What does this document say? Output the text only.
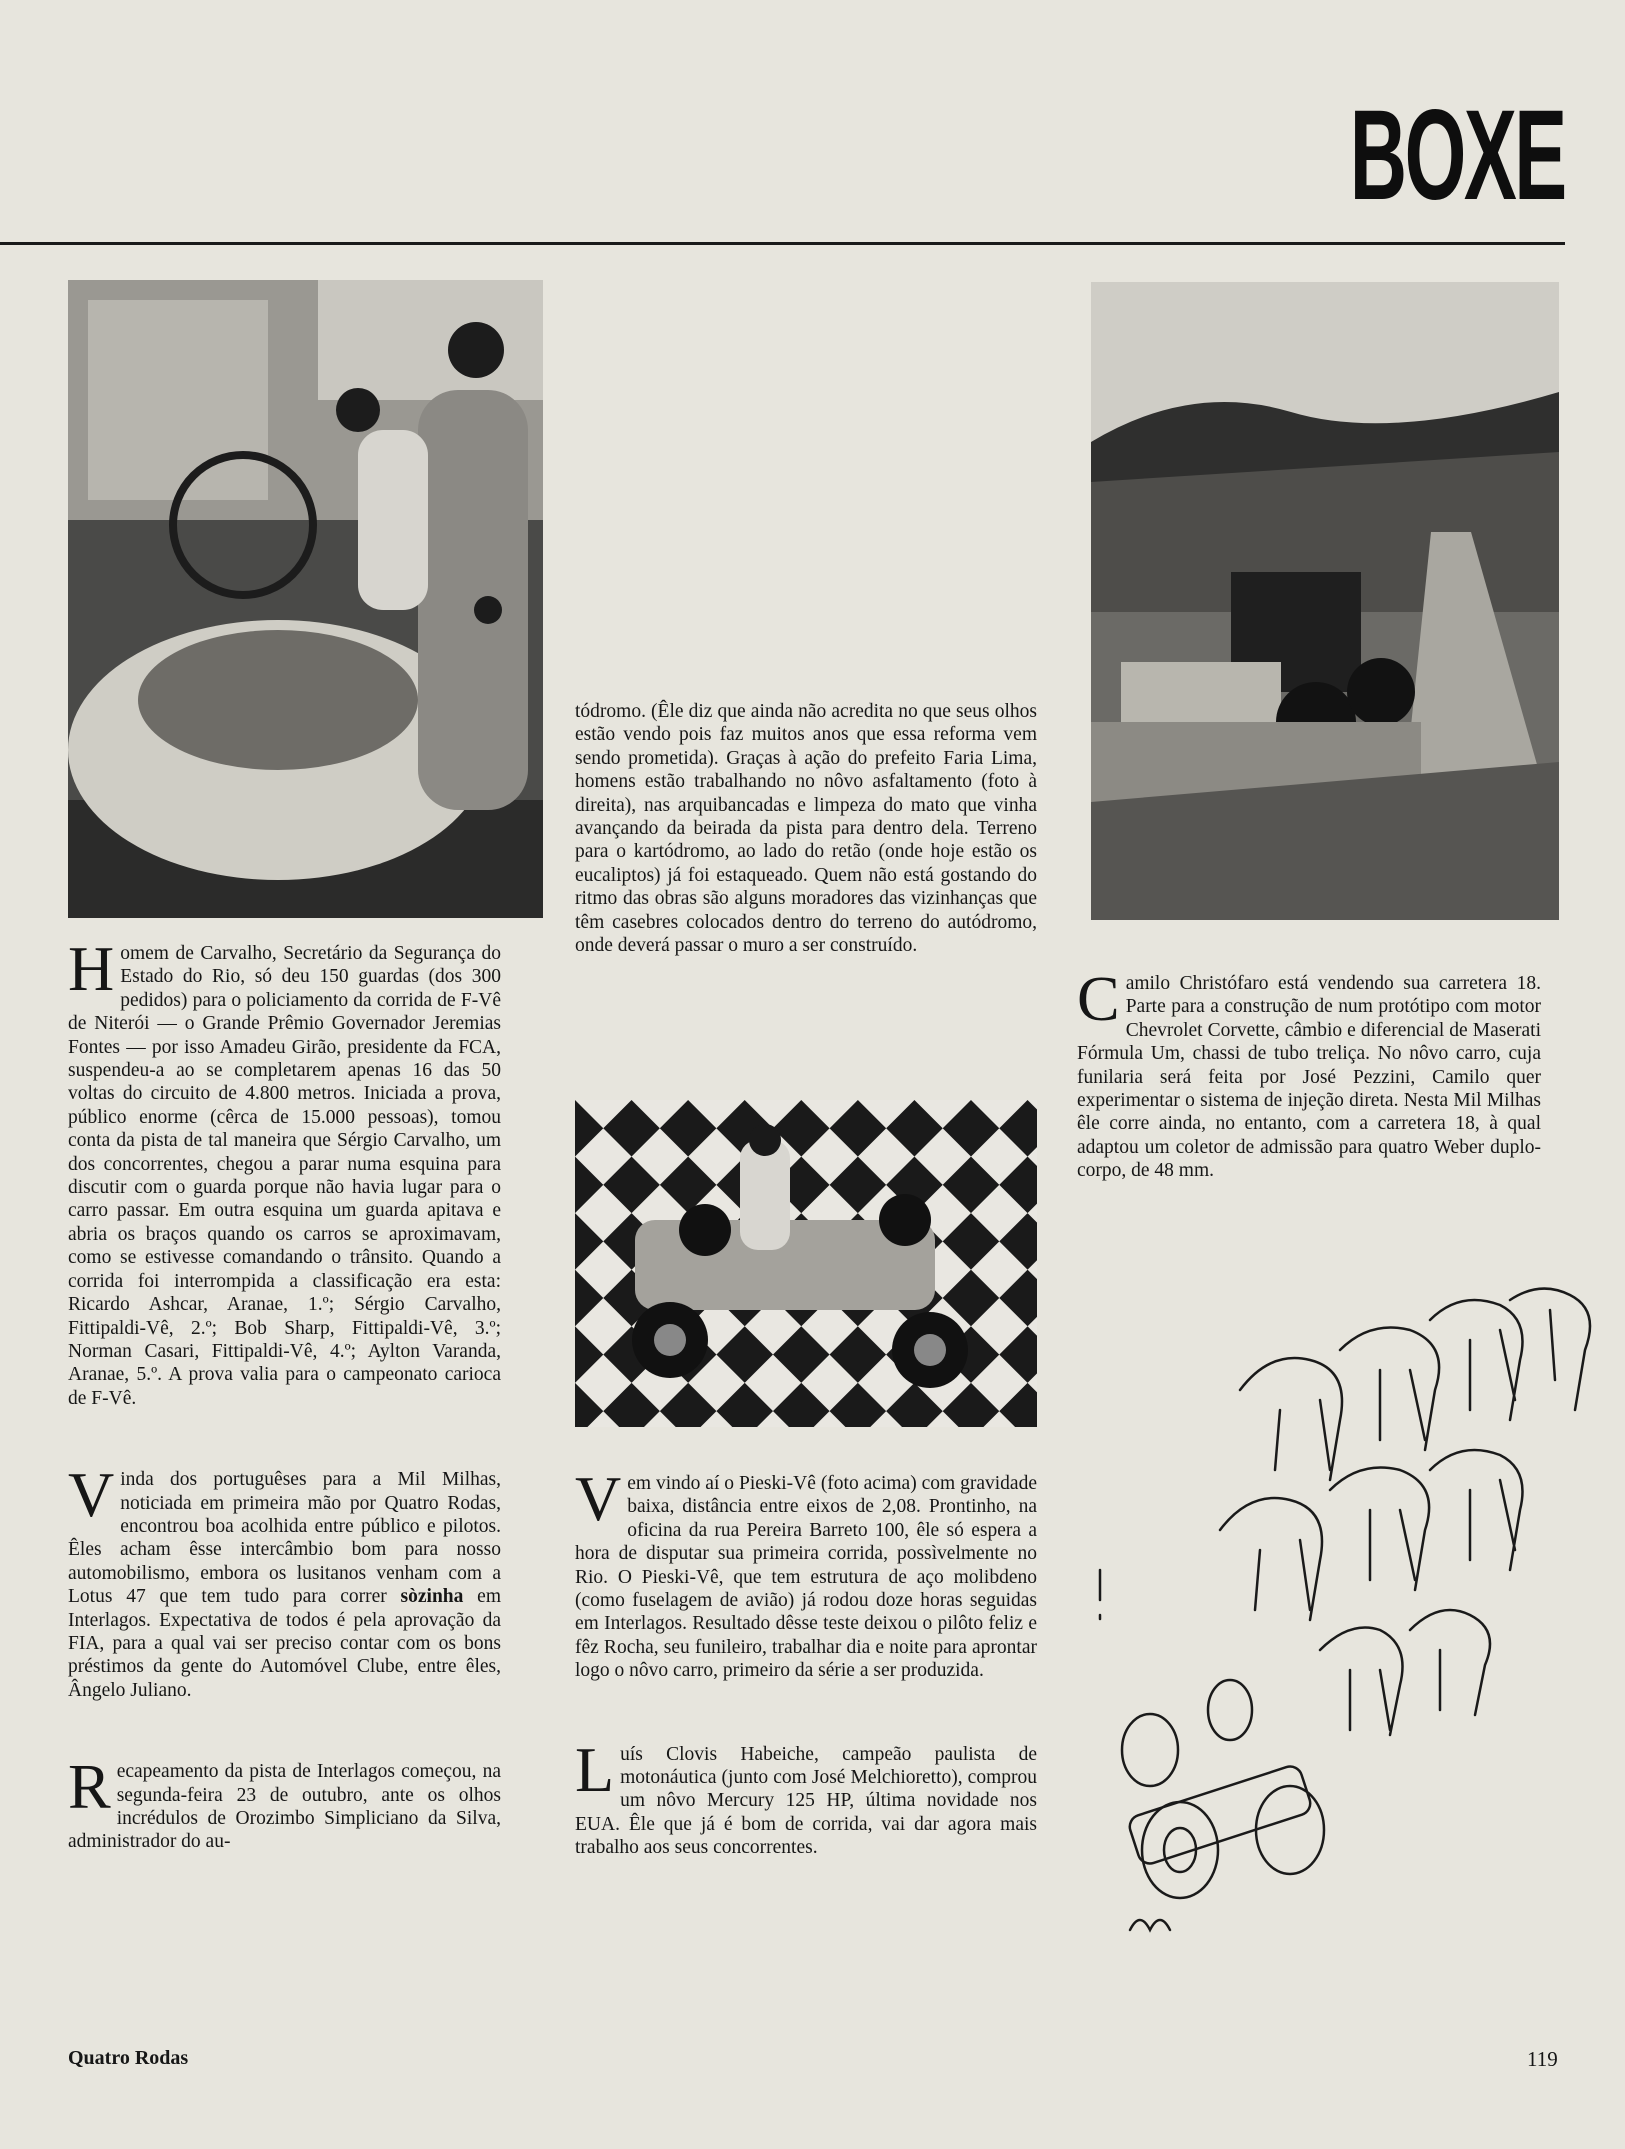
BOXE

Homem de Carvalho, Secretário da Segurança do Estado do Rio, só deu 150 guardas (dos 300 pedidos) para o policiamento da corrida de F-Vê de Niterói — o Grande Prêmio Governador Jeremias Fontes — por isso Amadeu Girão, presidente da FCA, suspendeu-a ao se completarem apenas 16 das 50 voltas do circuito de 4.800 metros. Iniciada a prova, público enorme (cêrca de 15.000 pessoas), tomou conta da pista de tal maneira que Sérgio Carvalho, um dos concorrentes, chegou a parar numa esquina para discutir com o guarda porque não havia lugar para o carro passar. Em outra esquina um guarda apitava e abria os braços quando os carros se aproximavam, como se estivesse comandando o trânsito. Quando a corrida foi interrompida a classificação era esta: Ricardo Ashcar, Aranae, 1.º; Sérgio Carvalho, Fittipaldi-Vê, 2.º; Bob Sharp, Fittipaldi-Vê, 3.º; Norman Casari, Fittipaldi-Vê, 4.º; Aylton Varanda, Aranae, 5.º. A prova valia para o campeonato carioca de F-Vê.

Vinda dos portuguêses para a Mil Milhas, noticiada em primeira mão por Quatro Rodas, encontrou boa acolhida entre público e pilotos. Êles acham êsse intercâmbio bom para nosso automobilismo, embora os lusitanos venham com a Lotus 47 que tem tudo para correr sòzinha em Interlagos. Expectativa de todos é pela aprovação da FIA, para a qual vai ser preciso contar com os bons préstimos da gente do Automóvel Clube, entre êles, Ângelo Juliano.

Recapeamento da pista de Interlagos começou, na segunda-feira 23 de outubro, ante os olhos incrédulos de Orozimbo Simpliciano da Silva, administrador do au-

tódromo. (Êle diz que ainda não acredita no que seus olhos estão vendo pois faz muitos anos que essa reforma vem sendo prometida). Graças à ação do prefeito Faria Lima, homens estão trabalhando no nôvo asfaltamento (foto à direita), nas arquibancadas e limpeza do mato que vinha avançando da beirada da pista para dentro dela. Terreno para o kartódromo, ao lado do retão (onde hoje estão os eucaliptos) já foi estaqueado. Quem não está gostando do ritmo das obras são alguns moradores das vizinhanças que têm casebres colocados dentro do terreno do autódromo, onde deverá passar o muro a ser construído.

Vem vindo aí o Pieski-Vê (foto acima) com gravidade baixa, distância entre eixos de 2,08. Prontinho, na oficina da rua Pereira Barreto 100, êle só espera a hora de disputar sua primeira corrida, possìvelmente no Rio. O Pieski-Vê, que tem estrutura de aço molibdeno (como fuselagem de avião) já rodou doze horas seguidas em Interlagos. Resultado dêsse teste deixou o pilôto feliz e fêz Rocha, seu funileiro, trabalhar dia e noite para aprontar logo o nôvo carro, primeiro da série a ser produzida.

Luís Clovis Habeiche, campeão paulista de motonáutica (junto com José Melchioretto), comprou um nôvo Mercury 125 HP, última novidade nos EUA. Êle que já é bom de corrida, vai dar agora mais trabalho aos seus concorrentes.

Camilo Christófaro está vendendo sua carretera 18. Parte para a construção de num protótipo com motor Chevrolet Corvette, câmbio e diferencial de Maserati Fórmula Um, chassi de tubo treliça. No nôvo carro, cuja funilaria será feita por José Pezzini, Camilo quer experimentar o sistema de injeção direta. Nesta Mil Milhas êle corre ainda, no entanto, com a carretera 18, à qual adaptou um coletor de admissão para quatro Weber duplo-corpo, de 48 mm.

Quatro Rodas	119
